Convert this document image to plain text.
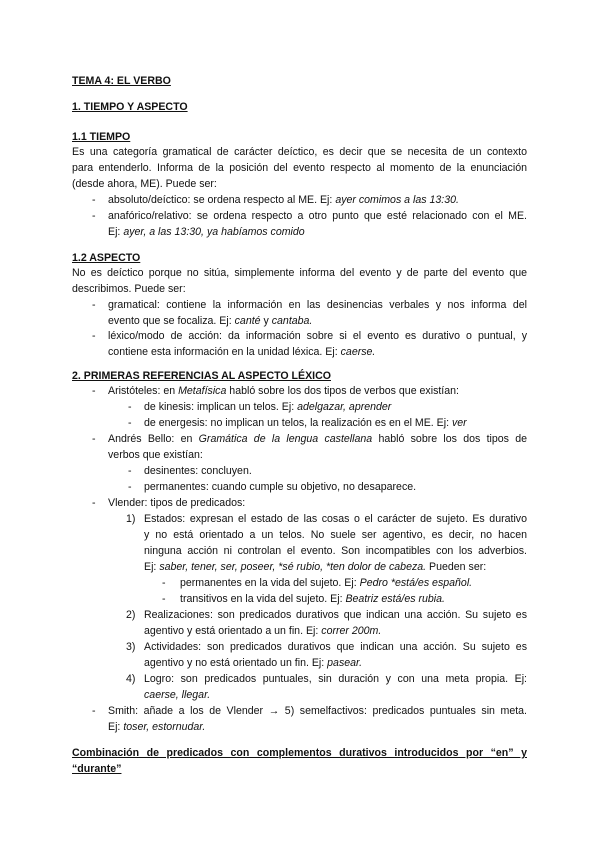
TEMA 4: EL VERBO
1. TIEMPO Y ASPECTO
1.1 TIEMPO
Es una categoría gramatical de carácter deíctico, es decir que se necesita de un contexto
para entenderlo. Informa de la posición del evento respecto al momento de la enunciación
(desde ahora, ME). Puede ser:
- absoluto/deíctico: se ordena respecto al ME. Ej: ayer comimos a las 13:30.
- anafórico/relativo: se ordena respecto a otro punto que esté relacionado con el ME.
Ej: ayer, a las 13:30, ya habíamos comido
1.2 ASPECTO
No es deíctico porque no sitúa, simplemente informa del evento y de parte del evento que
describimos. Puede ser:
- gramatical: contiene la información en las desinencias verbales y nos informa del
evento que se focaliza. Ej: canté y cantaba.
- léxico/modo de acción: da información sobre si el evento es durativo o puntual, y
contiene esta información en la unidad léxica. Ej: caerse.
2. PRIMERAS REFERENCIAS AL ASPECTO LÉXICO
- Aristóteles: en Metafísica habló sobre los dos tipos de verbos que existían:
- de kinesis: implican un telos. Ej: adelgazar, aprender
- de energesis: no implican un telos, la realización es en el ME. Ej: ver
- Andrés Bello: en Gramática de la lengua castellana habló sobre los dos tipos de
verbos que existían:
- desinentes: concluyen.
- permanentes: cuando cumple su objetivo, no desaparece.
- Vlender: tipos de predicados:
1) Estados: expresan el estado de las cosas o el carácter de sujeto. Es durativo
y no está orientado a un telos. No suele ser agentivo, es decir, no hacen
ninguna acción ni controlan el evento. Son incompatibles con los adverbios.
Ej: saber, tener, ser, poseer, *sé rubio, *ten dolor de cabeza. Pueden ser:
- permanentes en la vida del sujeto. Ej: Pedro *está/es español.
- transitivos en la vida del sujeto. Ej: Beatriz está/es rubia.
2) Realizaciones: son predicados durativos que indican una acción. Su sujeto es
agentivo y está orientado a un fin. Ej: correr 200m.
3) Actividades: son predicados durativos que indican una acción. Su sujeto es
agentivo y no está orientado un fin. Ej: pasear.
4) Logro: son predicados puntuales, sin duración y con una meta propia. Ej:
caerse, llegar.
- Smith: añade a los de Vlender → 5) semelfactivos: predicados puntuales sin meta.
Ej: toser, estornudar.
Combinación de predicados con complementos durativos introducidos por “en” y
“durante”
